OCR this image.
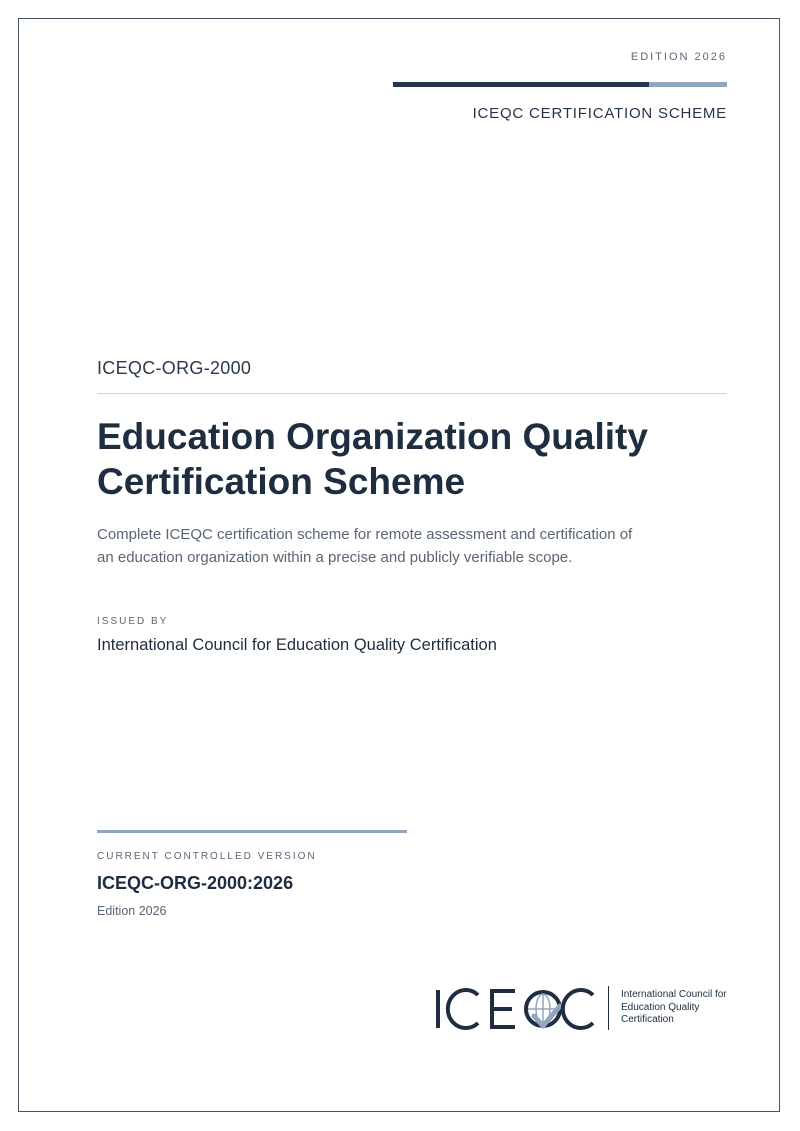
EDITION 2026
ICEQC CERTIFICATION SCHEME
ICEQC-ORG-2000
Education Organization Quality
Certification Scheme
Complete ICEQC certification scheme for remote assessment and certification of
an education organization within a precise and publicly verifiable scope.
ISSUED BY
International Council for Education Quality Certification
CURRENT CONTROLLED VERSION
ICEQC-ORG-2000:2026
Edition 2026
International Council for
Education Quality
Certification
